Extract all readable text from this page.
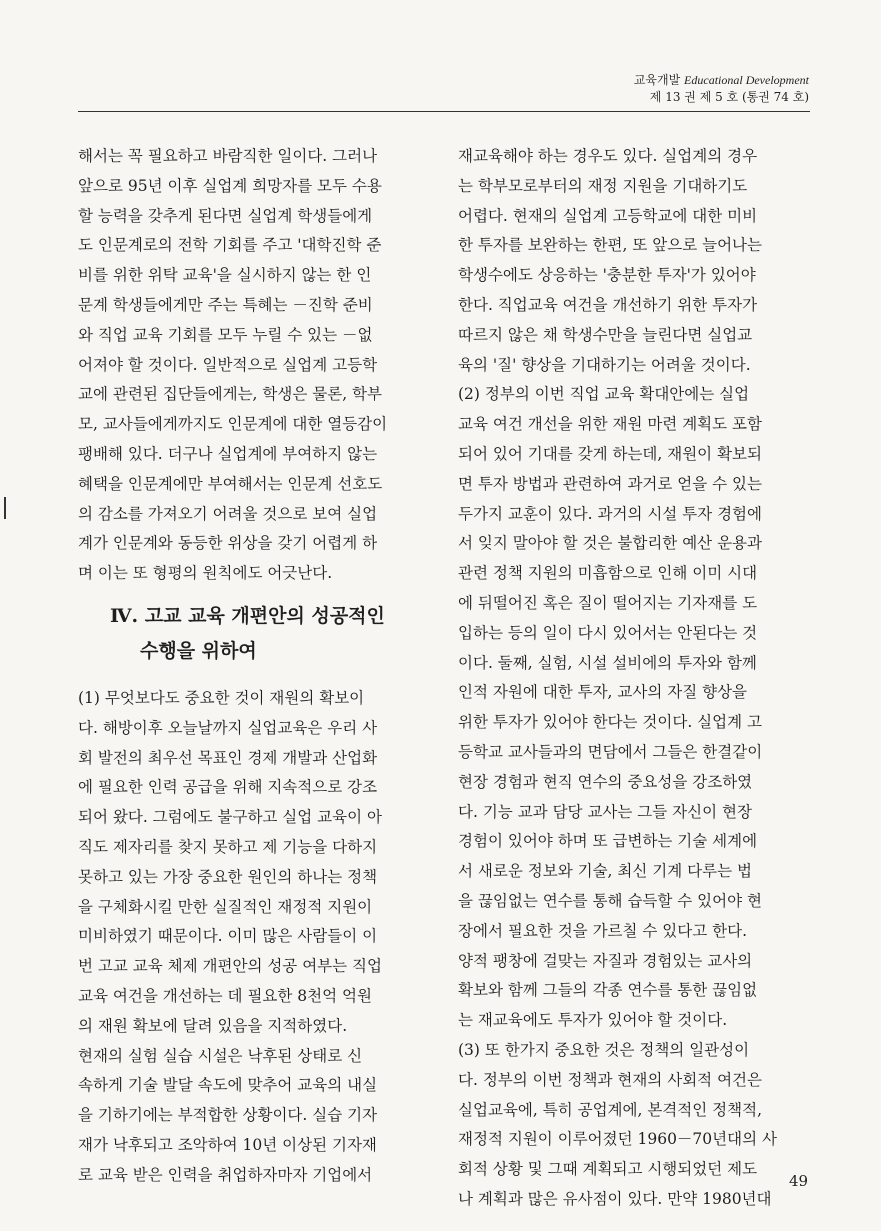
교육개발 Educational Development
제 13 권 제 5 호 (통권 74 호)
해서는 꼭 필요하고 바람직한 일이다. 그러나
앞으로 95년 이후 실업계 희망자를 모두 수용
할 능력을 갖추게 된다면 실업계 학생들에게
도 인문계로의 전학 기회를 주고 '대학진학 준
비를 위한 위탁 교육'을 실시하지 않는 한 인
문계 학생들에게만 주는 특혜는 －진학 준비
와 직업 교육 기회를 모두 누릴 수 있는 －없
어져야 할 것이다. 일반적으로 실업계 고등학
교에 관련된 집단들에게는, 학생은 물론, 학부
모, 교사들에게까지도 인문계에 대한 열등감이
팽배해 있다. 더구나 실업계에 부여하지 않는
혜택을 인문계에만 부여해서는 인문계 선호도
의 감소를 가져오기 어려울 것으로 보여 실업
계가 인문계와 동등한 위상을 갖기 어렵게 하
며 이는 또 형평의 원칙에도 어긋난다.
Ⅳ. 고교 교육 개편안의 성공적인
수행을 위하여
(1) 무엇보다도 중요한 것이 재원의 확보이
다. 해방이후 오늘날까지 실업교육은 우리 사
회 발전의 최우선 목표인 경제 개발과 산업화
에 필요한 인력 공급을 위해 지속적으로 강조
되어 왔다. 그럼에도 불구하고 실업 교육이 아
직도 제자리를 찾지 못하고 제 기능을 다하지
못하고 있는 가장 중요한 원인의 하나는 정책
을 구체화시킬 만한 실질적인 재정적 지원이
미비하였기 때문이다. 이미 많은 사람들이 이
번 고교 교육 체제 개편안의 성공 여부는 직업
교육 여건을 개선하는 데 필요한 8천억 억원
의 재원 확보에 달려 있음을 지적하였다.
현재의 실험 실습 시설은 낙후된 상태로 신
속하게 기술 발달 속도에 맞추어 교육의 내실
을 기하기에는 부적합한 상황이다. 실습 기자
재가 낙후되고 조악하여 10년 이상된 기자재
로 교육 받은 인력을 취업하자마자 기업에서
재교육해야 하는 경우도 있다. 실업계의 경우
는 학부모로부터의 재정 지원을 기대하기도
어렵다. 현재의 실업계 고등학교에 대한 미비
한 투자를 보완하는 한편, 또 앞으로 늘어나는
학생수에도 상응하는 '충분한 투자'가 있어야
한다. 직업교육 여건을 개선하기 위한 투자가
따르지 않은 채 학생수만을 늘린다면 실업교
육의 '질' 향상을 기대하기는 어려울 것이다.
(2) 정부의 이번 직업 교육 확대안에는 실업
교육 여건 개선을 위한 재원 마련 계획도 포함
되어 있어 기대를 갖게 하는데, 재원이 확보되
면 투자 방법과 관련하여 과거로 얻을 수 있는
두가지 교훈이 있다. 과거의 시설 투자 경험에
서 잊지 말아야 할 것은 불합리한 예산 운용과
관련 정책 지원의 미흡함으로 인해 이미 시대
에 뒤떨어진 혹은 질이 떨어지는 기자재를 도
입하는 등의 일이 다시 있어서는 안된다는 것
이다. 둘째, 실험, 시설 설비에의 투자와 함께
인적 자원에 대한 투자, 교사의 자질 향상을
위한 투자가 있어야 한다는 것이다. 실업계 고
등학교 교사들과의 면담에서 그들은 한결같이
현장 경험과 현직 연수의 중요성을 강조하였
다. 기능 교과 담당 교사는 그들 자신이 현장
경험이 있어야 하며 또 급변하는 기술 세계에
서 새로운 정보와 기술, 최신 기계 다루는 법
을 끊임없는 연수를 통해 습득할 수 있어야 현
장에서 필요한 것을 가르칠 수 있다고 한다.
양적 팽창에 걸맞는 자질과 경험있는 교사의
확보와 함께 그들의 각종 연수를 통한 끊임없
는 재교육에도 투자가 있어야 할 것이다.
(3) 또 한가지 중요한 것은 정책의 일관성이
다. 정부의 이번 정책과 현재의 사회적 여건은
실업교육에, 특히 공업계에, 본격적인 정책적,
재정적 지원이 이루어졌던 1960－70년대의 사
회적 상황 및 그때 계획되고 시행되었던 제도
나 계획과 많은 유사점이 있다. 만약 1980년대
49
